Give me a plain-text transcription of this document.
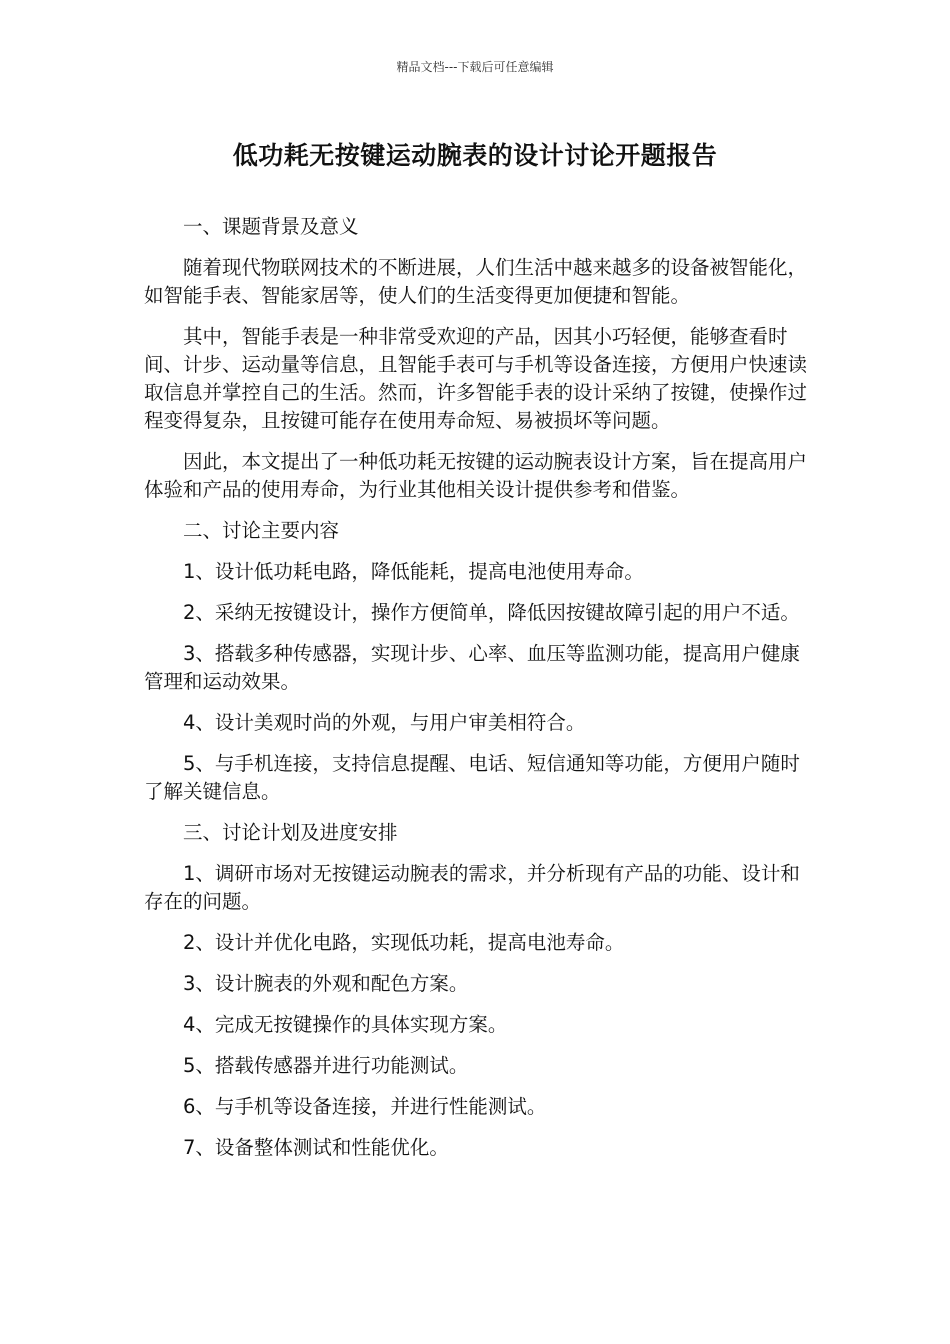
精品文档---下载后可任意编辑
低功耗无按键运动腕表的设计讨论开题报告

一、课题背景及意义

随着现代物联网技术的不断进展，人们生活中越来越多的设备被智能化，如智能手表、智能家居等，使人们的生活变得更加便捷和智能。

其中，智能手表是一种非常受欢迎的产品，因其小巧轻便，能够查看时间、计步、运动量等信息，且智能手表可与手机等设备连接，方便用户快速读取信息并掌控自己的生活。然而，许多智能手表的设计采纳了按键，使操作过程变得复杂，且按键可能存在使用寿命短、易被损坏等问题。

因此，本文提出了一种低功耗无按键的运动腕表设计方案，旨在提高用户体验和产品的使用寿命，为行业其他相关设计提供参考和借鉴。

二、讨论主要内容

1、设计低功耗电路，降低能耗，提高电池使用寿命。

2、采纳无按键设计，操作方便简单，降低因按键故障引起的用户不适。

3、搭载多种传感器，实现计步、心率、血压等监测功能，提高用户健康管理和运动效果。

4、设计美观时尚的外观，与用户审美相符合。

5、与手机连接，支持信息提醒、电话、短信通知等功能，方便用户随时了解关键信息。

三、讨论计划及进度安排

1、调研市场对无按键运动腕表的需求，并分析现有产品的功能、设计和存在的问题。

2、设计并优化电路，实现低功耗，提高电池寿命。

3、设计腕表的外观和配色方案。

4、完成无按键操作的具体实现方案。

5、搭载传感器并进行功能测试。

6、与手机等设备连接，并进行性能测试。

7、设备整体测试和性能优化。
